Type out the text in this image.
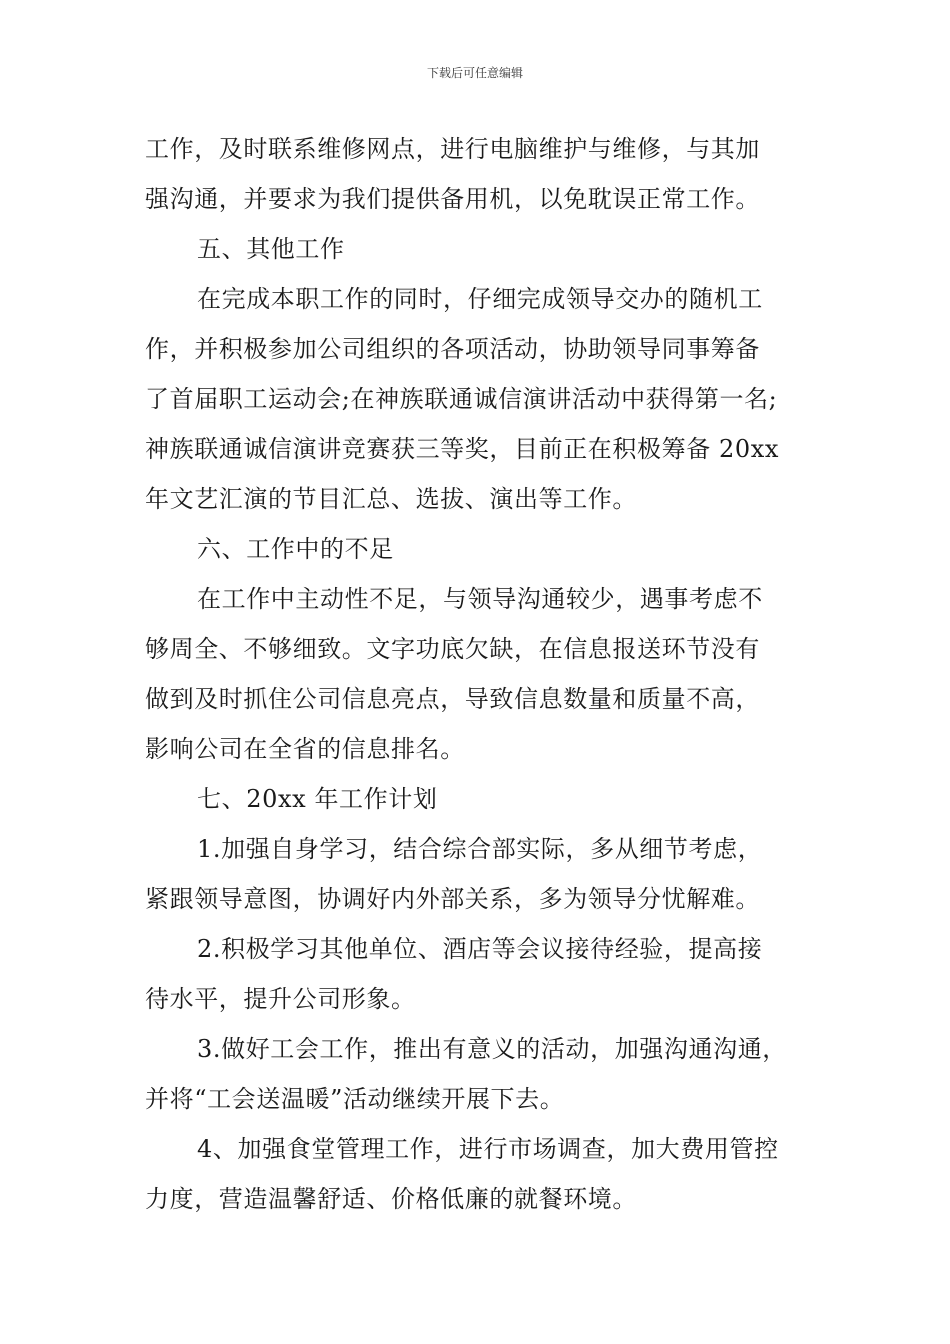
下载后可任意编辑
工作，及时联系维修网点，进行电脑维护与维修，与其加
强沟通，并要求为我们提供备用机，以免耽误正常工作。
五、其他工作
在完成本职工作的同时，仔细完成领导交办的随机工
作，并积极参加公司组织的各项活动，协助领导同事筹备
了首届职工运动会;在神族联通诚信演讲活动中获得第一名;
神族联通诚信演讲竞赛获三等奖，目前正在积极筹备 20xx
年文艺汇演的节目汇总、选拔、演出等工作。
六、工作中的不足
在工作中主动性不足，与领导沟通较少，遇事考虑不
够周全、不够细致。文字功底欠缺，在信息报送环节没有
做到及时抓住公司信息亮点，导致信息数量和质量不高，
影响公司在全省的信息排名。
七、20xx 年工作计划
1.加强自身学习，结合综合部实际，多从细节考虑，
紧跟领导意图，协调好内外部关系，多为领导分忧解难。
2.积极学习其他单位、酒店等会议接待经验，提高接
待水平，提升公司形象。
3.做好工会工作，推出有意义的活动，加强沟通沟通，
并将“工会送温暖”活动继续开展下去。
4、加强食堂管理工作，进行市场调查，加大费用管控
力度，营造温馨舒适、价格低廉的就餐环境。
